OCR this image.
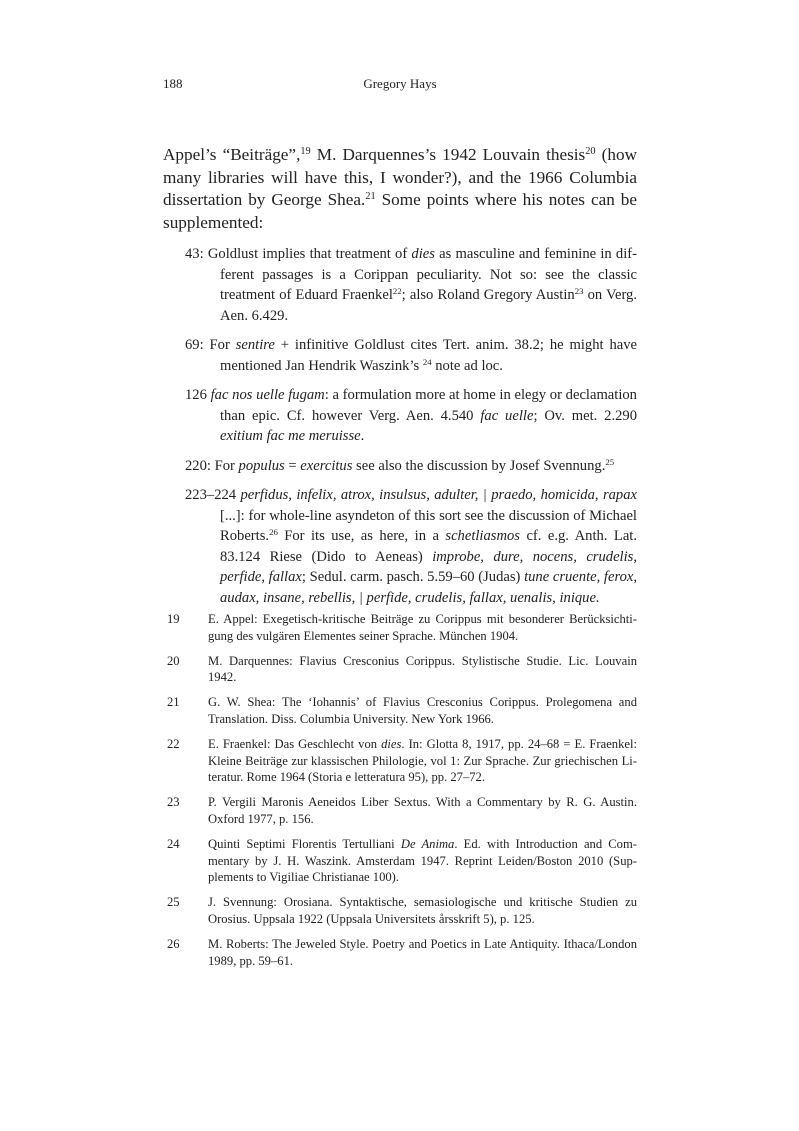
188	Gregory Hays

Appel’s “Beiträge”,$^{19}$ M. Darquennes’s 1942 Louvain thesis$^{20}$ (how many libraries will have this, I wonder?), and the 1966 Columbia dissertation by George Shea.$^{21}$ Some points where his notes can be supplemented:

43: Goldlust implies that treatment of dies as masculine and feminine in different passages is a Corippan peculiarity. Not so: see the classic treatment of Eduard Fraenkel$^{22}$; also Roland Gregory Austin$^{23}$ on Verg. Aen. 6.429.

69: For sentire + infinitive Goldlust cites Tert. anim. 38.2; he might have mentioned Jan Hendrik Waszink’s $^{24}$ note ad loc.

126 fac nos uelle fugam: a formulation more at home in elegy or declamation than epic. Cf. however Verg. Aen. 4.540 fac uelle; Ov. met. 2.290 exitium fac me meruisse.

220: For populus = exercitus see also the discussion by Josef Svennung.$^{25}$

223–224 perfidus, infelix, atrox, insulsus, adulter, | praedo, homicida, rapax [...]: for whole-line asyndeton of this sort see the discussion of Michael Roberts.$^{26}$ For its use, as here, in a schetliasmos cf. e.g. Anth. Lat. 83.124 Riese (Dido to Aeneas) improbe, dure, nocens, crudelis, perfide, fallax; Sedul. carm. pasch. 5.59–60 (Judas) tune cruente, ferox, audax, insane, rebellis, | perfide, crudelis, fallax, uenalis, inique.

19	E. Appel: Exegetisch-kritische Beiträge zu Corippus mit besonderer Berücksichtigung des vulgären Elementes seiner Sprache. München 1904.
20	M. Darquennes: Flavius Cresconius Corippus. Stylistische Studie. Lic. Louvain 1942.
21	G. W. Shea: The ‘Iohannis’ of Flavius Cresconius Corippus. Prolegomena and Translation. Diss. Columbia University. New York 1966.
22	E. Fraenkel: Das Geschlecht von dies. In: Glotta 8, 1917, pp. 24–68 = E. Fraenkel: Kleine Beiträge zur klassischen Philologie, vol 1: Zur Sprache. Zur griechischen Literatur. Rome 1964 (Storia e letteratura 95), pp. 27–72.
23	P. Vergili Maronis Aeneidos Liber Sextus. With a Commentary by R. G. Austin. Oxford 1977, p. 156.
24	Quinti Septimi Florentis Tertulliani De Anima. Ed. with Introduction and Commentary by J. H. Waszink. Amsterdam 1947. Reprint Leiden/Boston 2010 (Supplements to Vigiliae Christianae 100).
25	J. Svennung: Orosiana. Syntaktische, semasiologische und kritische Studien zu Orosius. Uppsala 1922 (Uppsala Universitets årsskrift 5), p. 125.
26	M. Roberts: The Jeweled Style. Poetry and Poetics in Late Antiquity. Ithaca/London 1989, pp. 59–61.
